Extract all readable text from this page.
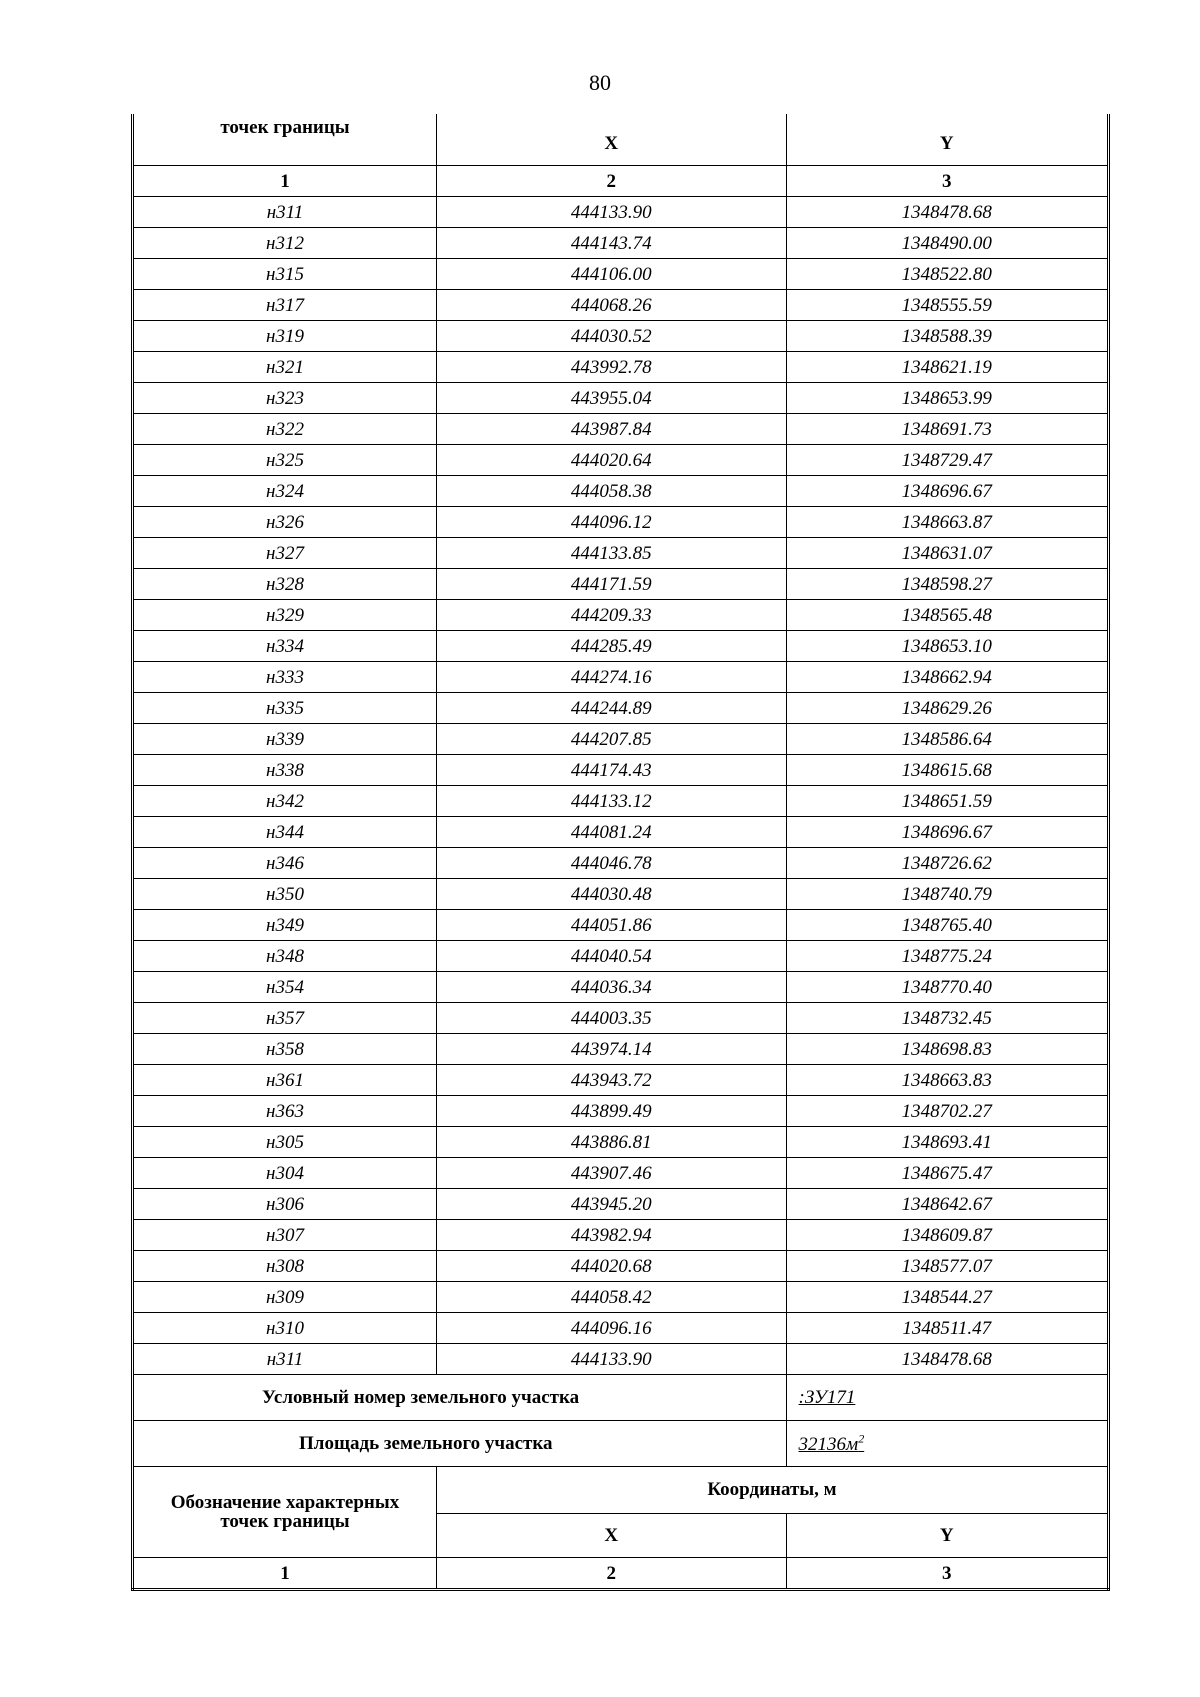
80
точек границы	X	Y
1	2	3
н311	444133.90	1348478.68
н312	444143.74	1348490.00
н315	444106.00	1348522.80
н317	444068.26	1348555.59
н319	444030.52	1348588.39
н321	443992.78	1348621.19
н323	443955.04	1348653.99
н322	443987.84	1348691.73
н325	444020.64	1348729.47
н324	444058.38	1348696.67
н326	444096.12	1348663.87
н327	444133.85	1348631.07
н328	444171.59	1348598.27
н329	444209.33	1348565.48
н334	444285.49	1348653.10
н333	444274.16	1348662.94
н335	444244.89	1348629.26
н339	444207.85	1348586.64
н338	444174.43	1348615.68
н342	444133.12	1348651.59
н344	444081.24	1348696.67
н346	444046.78	1348726.62
н350	444030.48	1348740.79
н349	444051.86	1348765.40
н348	444040.54	1348775.24
н354	444036.34	1348770.40
н357	444003.35	1348732.45
н358	443974.14	1348698.83
н361	443943.72	1348663.83
н363	443899.49	1348702.27
н305	443886.81	1348693.41
н304	443907.46	1348675.47
н306	443945.20	1348642.67
н307	443982.94	1348609.87
н308	444020.68	1348577.07
н309	444058.42	1348544.27
н310	444096.16	1348511.47
н311	444133.90	1348478.68
Условный номер земельного участка		:ЗУ171
Площадь земельного участка		$32136м^2$
Обозначение характерных
точек границы	Координаты, м	
	X	Y
1	2	3
